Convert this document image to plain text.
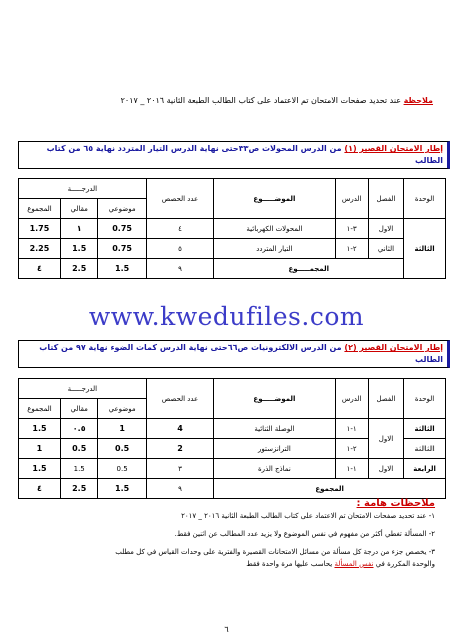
ملاحظة عند تحديد صفحات الامتحان تم الاعتماد على كتاب الطالب الطبعة الثانية ٢٠١٦ _ ٢٠١٧
إطار الامتحان القصير (١) من الدرس المحولات ص٣٣حتى نهاية الدرس التيار المتردد نهاية ٦٥ من كتاب الطالب
الوحدة	الفصل	الدرس	الموضـــــوع	عدد الحصص	الدرجـــــة		
					موضوعي	مقالي	المجموع
الثالثة	الاول	٣-١	المحولات الكهربائية	٤	0.75	١	1.75
	الثاني	٢-١	التيار المتردد	٥	0.75	1.5	2.25
	المجمـــــوع			٩	1.5	2.5	٤
www.kwedufiles.com
إطار الامتحان القصير (٢) من الدرس الالكترونيات ص٦٦حتى نهاية الدرس كمات الضوء نهاية ٩٧ من كتاب الطالب
الوحدة	الفصل	الدرس	الموضـــــوع	عدد الحصص	الدرجـــــة		
					موضوعي	مقالي	المجموع
الثالثة	الاول	١-١	الوصلة الثنائية	4	1	٠.٥	1.5
الثالثة		٢-١	الترانزستور	2	0.5	0.5	1
الرابعة	الاول	١-١	نماذج الذرة	٣	0.5	1.5	1.5
المجموع				٩	1.5	2.5	٤
ملاحظات هامة :
١- عند تحديد صفحات الامتحان تم الاعتماد على كتاب الطالب الطبعة الثانية ٢٠١٦ _ ٢٠١٧
٢- المسألة تغطي أكثر من مفهوم في نفس الموضوع ولا يزيد عدد المطالب عن اثنين فقط.
٣- يخصص جزء من درجة كل مسألة من مسائل الامتحانات القصيرة والفترية على وحدات القياس في كل مطلب
والوحدة المكررة في نفس المسألة يحاسب عليها مرة واحدة فقط
٦
